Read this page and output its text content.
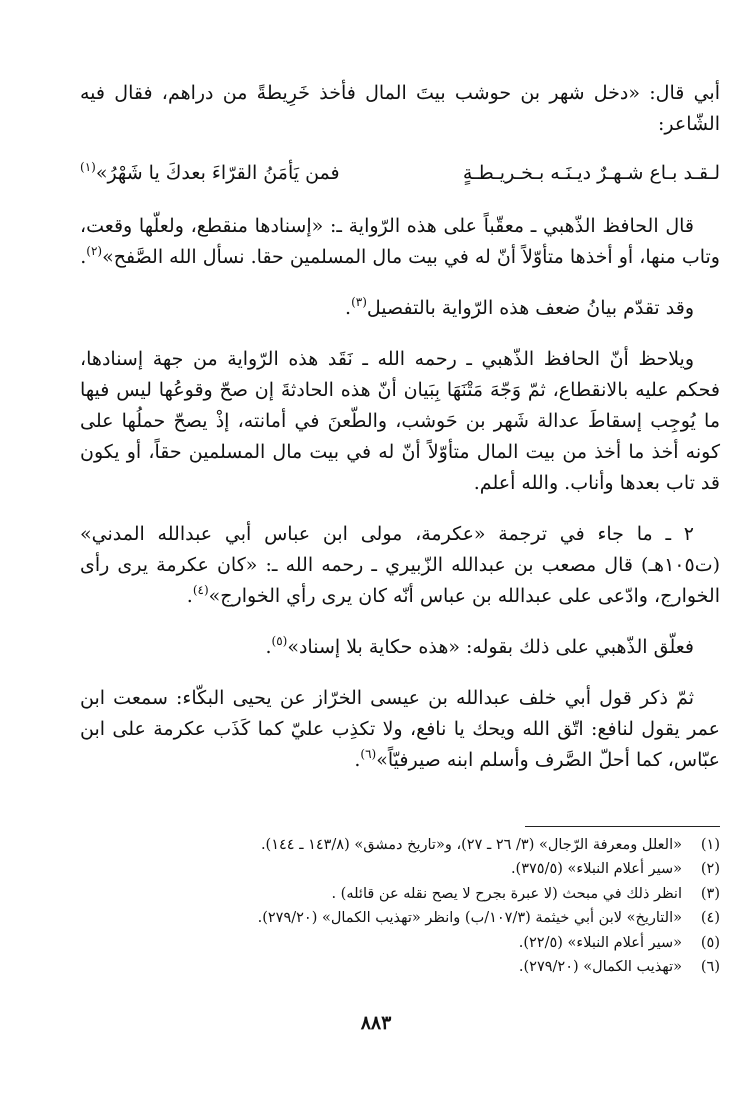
أبي قال: «دخل شهر بن حوشب بيتَ المال فأخذ خَرِيطةً من دراهم، فقال فيه الشّاعر:

لـقـد بـاع شـهـرٌ ديـنَـه بـخـريـطـةٍ
فمن يَأمَنُ القرّاءَ بعدكَ يا شَهْرُ»$^{(١)}$

قال الحافظ الذّهبي ـ معقّباً على هذه الرّواية ـ: «إسنادها منقطع، ولعلّها وقعت، وتاب منها، أو أخذها متأوّلاً أنّ له في بيت مال المسلمين حقا. نسأل الله الصَّفح»$^{(٢)}$.

وقد تقدّم بيانُ ضعف هذه الرّواية بالتفصيل$^{(٣)}$.

ويلاحظ أنّ الحافظ الذّهبي ـ رحمه الله ـ نَقَد هذه الرّواية من جهة إسنادها، فحكم عليه بالانقطاع، ثمّ وَجّهَ مَتْنَهَا بِبَيان أنّ هذه الحادثةَ إن صحّ وقوعُها ليس فيها ما يُوجِب إسقاطَ عدالة شَهر بن حَوشب، والطّعنَ في أمانته، إذْ يصحّ حملُها على كونه أخذ ما أخذ من بيت المال متأوّلاً أنّ له في بيت مال المسلمين حقاً، أو يكون قد تاب بعدها وأناب. والله أعلم.

٢ ـ ما جاء في ترجمة «عكرمة، مولى ابن عباس أبي عبدالله المدني» (ت١٠٥هـ) قال مصعب بن عبدالله الزّبيري ـ رحمه الله ـ: «كان عكرمة يرى رأى الخوارج، وادّعى على عبدالله بن عباس أنّه كان يرى رأي الخوارج»$^{(٤)}$.

فعلّق الذّهبي على ذلك بقوله: «هذه حكاية بلا إسناد»$^{(٥)}$.

ثمّ ذكر قول أبي خلف عبدالله بن عيسى الخرّاز عن يحيى البكّاء: سمعت ابن عمر يقول لنافع: اتّق الله ويحك يا نافع، ولا تكذِب عليّ كما كَذَب عكرمة على ابن عبّاس، كما أحلّ الصَّرف وأسلم ابنه صيرفيّاً»$^{(٦)}$.

(١)
«العلل ومعرفة الرّجال» (٣/ ٢٦ ـ ٢٧)، و«تاريخ دمشق» (١٤٣/٨ ـ ١٤٤).
(٢)
«سير أعلام النبلاء» (٣٧٥/٥).
(٣)
انظر ذلك في مبحث (لا عبرة بجرح لا يصح نقله عن قائله) .
(٤)
«التاريخ» لابن أبي خيثمة (١٠٧/٣/ب) وانظر «تهذيب الكمال» (٢٧٩/٢٠).
(٥)
«سير أعلام النبلاء» (٢٢/٥).
(٦)
«تهذيب الكمال» (٢٧٩/٢٠).
٨٨٣
